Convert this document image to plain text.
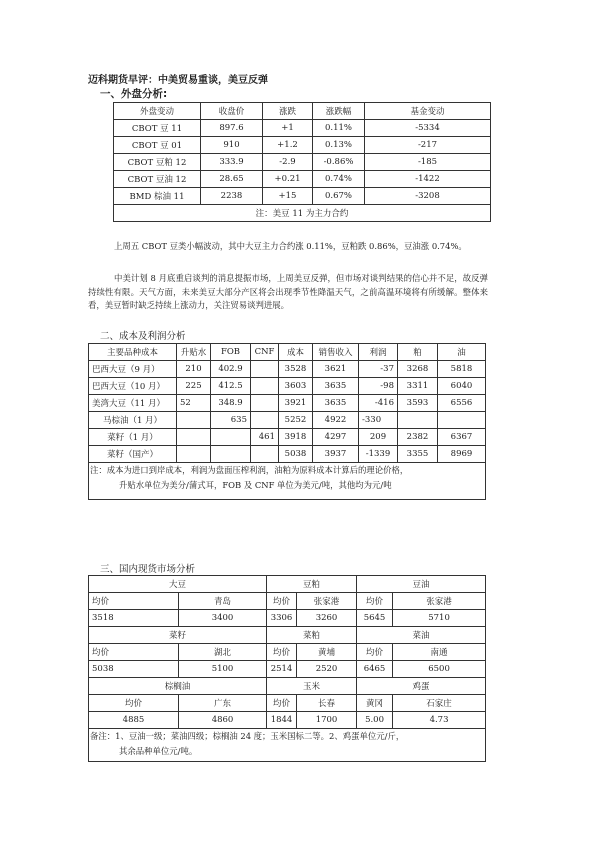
迈科期货早评：中美贸易重谈，美豆反弹
一、外盘分析:
外盘变动	收盘价	涨跌	涨跌幅	基金变动
CBOT 豆 11	897.6	+1	0.11%	-5334
CBOT 豆 01	910	+1.2	0.13%	-217
CBOT 豆粕 12	333.9	-2.9	-0.86%	-185
CBOT 豆油 12	28.65	+0.21	0.74%	-1422
BMD 棕油 11	2238	+15	0.67%	-3208
注：美豆 11 为主力合约				
上周五 CBOT 豆类小幅波动，其中大豆主力合约涨 0.11%，豆粕跌 0.86%，豆油涨 0.74%。
中美计划 8 月底重启谈判的消息提振市场，上周美豆反弹，但市场对谈判结果的信心并不足，故反弹持续性有限。天气方面，未来美豆大部分产区将会出现季节性降温天气，之前高温环境将有所缓解。整体来看，美豆暂时缺乏持续上涨动力，关注贸易谈判进展。
二、成本及利润分析
主要品种成本	升贴水	FOB	CNF	成本	销售收入	利润	粕	油
巴西大豆（9 月）	210	402.9		3528	3621	-37	3268	5818
巴西大豆（10 月）	225	412.5		3603	3635	-98	3311	6040
美湾大豆（11 月）	52	348.9		3921	3635	-416	3593	6556
马棕油（1 月）		635		5252	4922	-330		
菜籽（1 月）			461	3918	4297	209	2382	6367
菜籽（国产）				5038	3937	-1339	3355	8969

注：成本为进口到岸成本，利润为盘面压榨利润，油粕为原料成本计算后的理论价格，
升贴水单位为美分/蒲式耳，FOB 及 CNF 单位为美元/吨，其他均为元/吨								
三、国内现货市场分析
大豆		豆粕		豆油	
均价	青岛	均价	张家港	均价	张家港
3518	3400	3306	3260	5645	5710
菜籽		菜粕		菜油	
均价	湖北	均价	黄埔	均价	南通
5038	5100	2514	2520	6465	6500
棕榈油		玉米		鸡蛋	
均价	广东	均价	长春	黄冈	石家庄
4885	4860	1844	1700	5.00	4.73

备注：1、豆油一级；菜油四级；棕榈油 24 度；玉米国标二等。2、鸡蛋单位元/斤，
其余品种单位元/吨。					
